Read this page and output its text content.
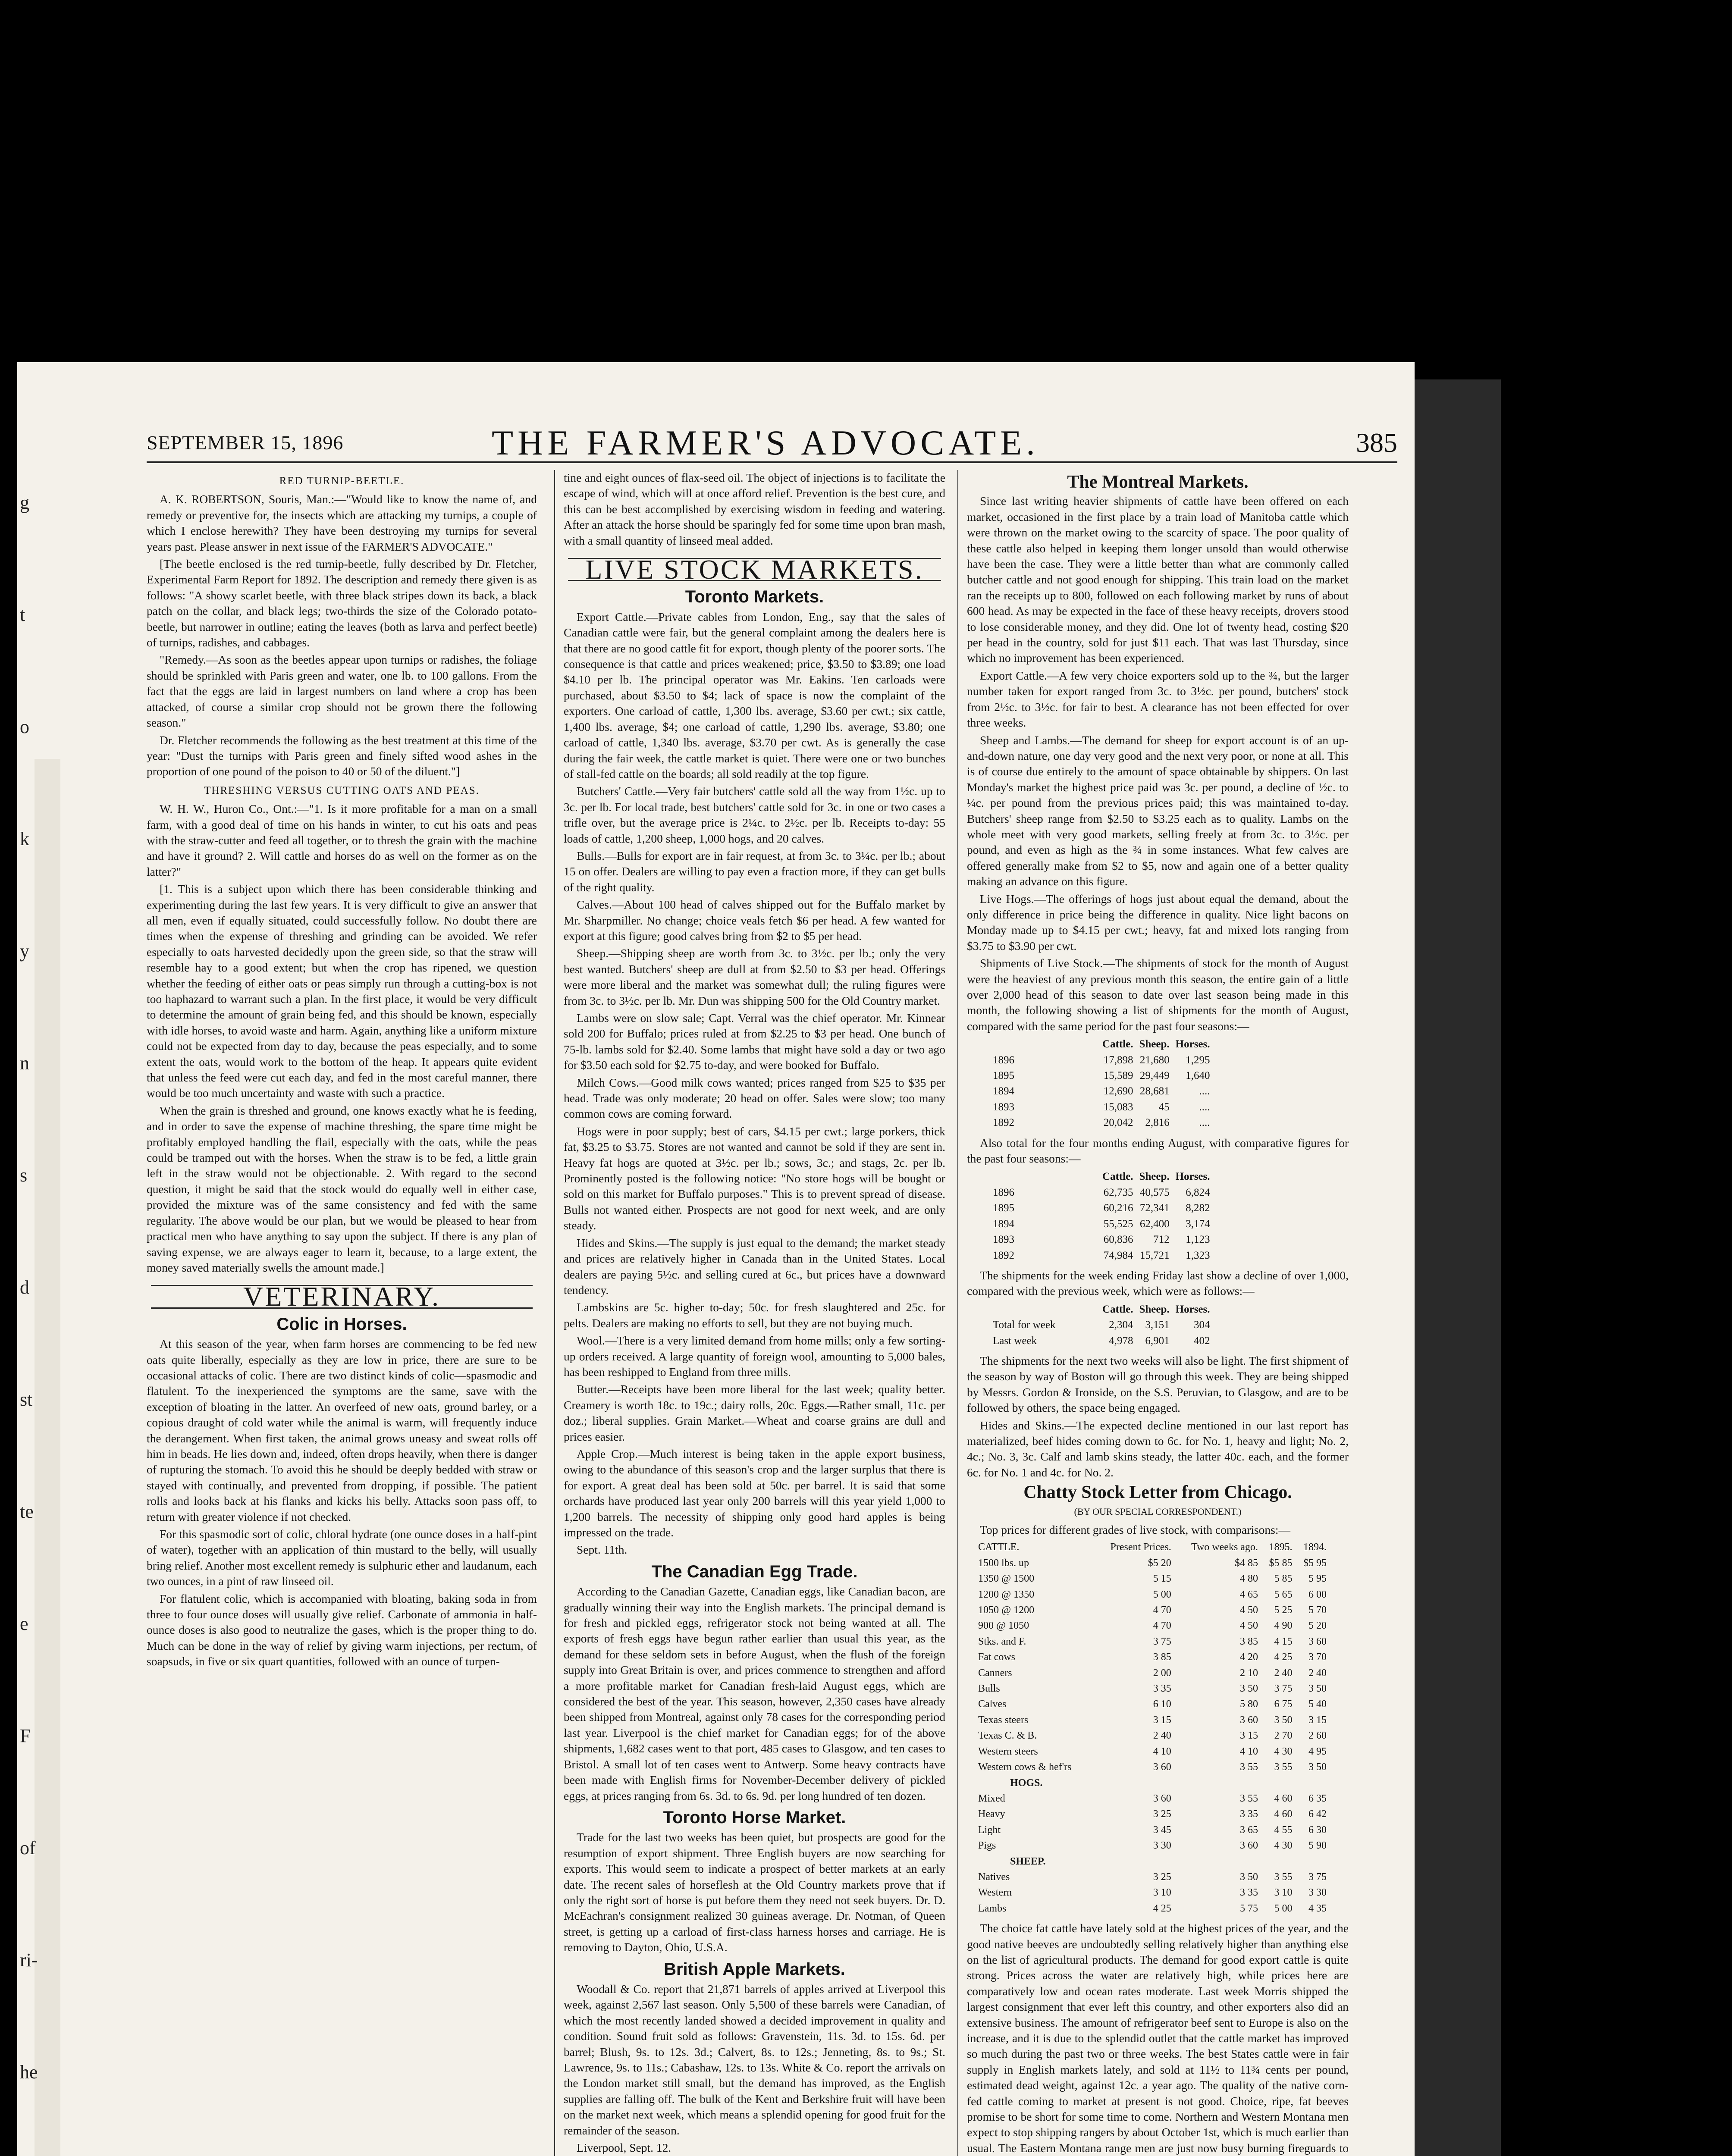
SEPTEMBER 15, 1896	THE FARMER'S ADVOCATE.	385
RED TURNIP-BEETLE.

A. K. ROBERTSON, Souris, Man.:—"Would like to know the name of, and remedy or preventive for, the insects which are attacking my turnips, a couple of which I enclose herewith? They have been destroying my turnips for several years past. Please answer in next issue of the FARMER'S ADVOCATE."

[The beetle enclosed is the red turnip-beetle, fully described by Dr. Fletcher, Experimental Farm Report for 1892. The description and remedy there given is as follows: "A showy scarlet beetle, with three black stripes down its back, a black patch on the collar, and black legs; two-thirds the size of the Colorado potato-beetle, but narrower in outline; eating the leaves (both as larva and perfect beetle) of turnips, radishes, and cabbages.

"Remedy.—As soon as the beetles appear upon turnips or radishes, the foliage should be sprinkled with Paris green and water, one lb. to 100 gallons. From the fact that the eggs are laid in largest numbers on land where a crop has been attacked, of course a similar crop should not be grown there the following season."

Dr. Fletcher recommends the following as the best treatment at this time of the year: "Dust the turnips with Paris green and finely sifted wood ashes in the proportion of one pound of the poison to 40 or 50 of the diluent."]

THRESHING VERSUS CUTTING OATS AND PEAS.

W. H. W., Huron Co., Ont.:—"1. Is it more profitable for a man on a small farm, with a good deal of time on his hands in winter, to cut his oats and peas with the straw-cutter and feed all together, or to thresh the grain with the machine and have it ground? 2. Will cattle and horses do as well on the former as on the latter?"

[1. This is a subject upon which there has been considerable thinking and experimenting during the last few years. It is very difficult to give an answer that all men, even if equally situated, could successfully follow. No doubt there are times when the expense of threshing and grinding can be avoided. We refer especially to oats harvested decidedly upon the green side, so that the straw will resemble hay to a good extent; but when the crop has ripened, we question whether the feeding of either oats or peas simply run through a cutting-box is not too haphazard to warrant such a plan. In the first place, it would be very difficult to determine the amount of grain being fed, and this should be known, especially with idle horses, to avoid waste and harm. Again, anything like a uniform mixture could not be expected from day to day, because the peas especially, and to some extent the oats, would work to the bottom of the heap. It appears quite evident that unless the feed were cut each day, and fed in the most careful manner, there would be too much uncertainty and waste with such a practice.

When the grain is threshed and ground, one knows exactly what he is feeding, and in order to save the expense of machine threshing, the spare time might be profitably employed handling the flail, especially with the oats, while the peas could be tramped out with the horses. When the straw is to be fed, a little grain left in the straw would not be objectionable. 2. With regard to the second question, it might be said that the stock would do equally well in either case, provided the mixture was of the same consistency and fed with the same regularity. The above would be our plan, but we would be pleased to hear from practical men who have anything to say upon the subject. If there is any plan of saving expense, we are always eager to learn it, because, to a large extent, the money saved materially swells the amount made.]

VETERINARY.
Colic in Horses.

At this season of the year, when farm horses are commencing to be fed new oats quite liberally, especially as they are low in price, there are sure to be occasional attacks of colic. There are two distinct kinds of colic—spasmodic and flatulent. To the inexperienced the symptoms are the same, save with the exception of bloating in the latter. An overfeed of new oats, ground barley, or a copious draught of cold water while the animal is warm, will frequently induce the derangement. When first taken, the animal grows uneasy and sweat rolls off him in beads. He lies down and, indeed, often drops heavily, when there is danger of rupturing the stomach. To avoid this he should be deeply bedded with straw or stayed with continually, and prevented from dropping, if possible. The patient rolls and looks back at his flanks and kicks his belly. Attacks soon pass off, to return with greater violence if not checked.

For this spasmodic sort of colic, chloral hydrate (one ounce doses in a half-pint of water), together with an application of thin mustard to the belly, will usually bring relief. Another most excellent remedy is sulphuric ether and laudanum, each two ounces, in a pint of raw linseed oil.

For flatulent colic, which is accompanied with bloating, baking soda in from three to four ounce doses will usually give relief. Carbonate of ammonia in half-ounce doses is also good to neutralize the gases, which is the proper thing to do. Much can be done in the way of relief by giving warm injections, per rectum, of soapsuds, in five or six quart quantities, followed with an ounce of turpen-

tine and eight ounces of flax-seed oil. The object of injections is to facilitate the escape of wind, which will at once afford relief. Prevention is the best cure, and this can be best accomplished by exercising wisdom in feeding and watering. After an attack the horse should be sparingly fed for some time upon bran mash, with a small quantity of linseed meal added.

LIVE STOCK MARKETS.
Toronto Markets.

Export Cattle.—Private cables from London, Eng., say that the sales of Canadian cattle were fair, but the general complaint among the dealers here is that there are no good cattle fit for export, though plenty of the poorer sorts. The consequence is that cattle and prices weakened; price, $3.50 to $3.89; one load $4.10 per lb. The principal operator was Mr. Eakins. Ten carloads were purchased, about $3.50 to $4; lack of space is now the complaint of the exporters. One carload of cattle, 1,300 lbs. average, $3.60 per cwt.; six cattle, 1,400 lbs. average, $4; one carload of cattle, 1,290 lbs. average, $3.80; one carload of cattle, 1,340 lbs. average, $3.70 per cwt. As is generally the case during the fair week, the cattle market is quiet. There were one or two bunches of stall-fed cattle on the boards; all sold readily at the top figure.

Butchers' Cattle.—Very fair butchers' cattle sold all the way from 1½c. up to 3c. per lb. For local trade, best butchers' cattle sold for 3c. in one or two cases a trifle over, but the average price is 2¼c. to 2½c. per lb. Receipts to-day: 55 loads of cattle, 1,200 sheep, 1,000 hogs, and 20 calves.

Bulls.—Bulls for export are in fair request, at from 3c. to 3¼c. per lb.; about 15 on offer. Dealers are willing to pay even a fraction more, if they can get bulls of the right quality.

Calves.—About 100 head of calves shipped out for the Buffalo market by Mr. Sharpmiller. No change; choice veals fetch $6 per head. A few wanted for export at this figure; good calves bring from $2 to $5 per head.

Sheep.—Shipping sheep are worth from 3c. to 3½c. per lb.; only the very best wanted. Butchers' sheep are dull at from $2.50 to $3 per head. Offerings were more liberal and the market was somewhat dull; the ruling figures were from 3c. to 3½c. per lb. Mr. Dun was shipping 500 for the Old Country market.

Lambs were on slow sale; Capt. Verral was the chief operator. Mr. Kinnear sold 200 for Buffalo; prices ruled at from $2.25 to $3 per head. One bunch of 75-lb. lambs sold for $2.40. Some lambs that might have sold a day or two ago for $3.50 each sold for $2.75 to-day, and were booked for Buffalo.

Milch Cows.—Good milk cows wanted; prices ranged from $25 to $35 per head. Trade was only moderate; 20 head on offer. Sales were slow; too many common cows are coming forward.

Hogs were in poor supply; best of cars, $4.15 per cwt.; large porkers, thick fat, $3.25 to $3.75. Stores are not wanted and cannot be sold if they are sent in. Heavy fat hogs are quoted at 3½c. per lb.; sows, 3c.; and stags, 2c. per lb. Prominently posted is the following notice: "No store hogs will be bought or sold on this market for Buffalo purposes." This is to prevent spread of disease. Bulls not wanted either. Prospects are not good for next week, and are only steady.

Hides and Skins.—The supply is just equal to the demand; the market steady and prices are relatively higher in Canada than in the United States. Local dealers are paying 5½c. and selling cured at 6c., but prices have a downward tendency.

Lambskins are 5c. higher to-day; 50c. for fresh slaughtered and 25c. for pelts. Dealers are making no efforts to sell, but they are not buying much.

Wool.—There is a very limited demand from home mills; only a few sorting-up orders received. A large quantity of foreign wool, amounting to 5,000 bales, has been reshipped to England from three mills.

Butter.—Receipts have been more liberal for the last week; quality better. Creamery is worth 18c. to 19c.; dairy rolls, 20c. Eggs.—Rather small, 11c. per doz.; liberal supplies. Grain Market.—Wheat and coarse grains are dull and prices easier.

Apple Crop.—Much interest is being taken in the apple export business, owing to the abundance of this season's crop and the larger surplus that there is for export. A great deal has been sold at 50c. per barrel. It is said that some orchards have produced last year only 200 barrels will this year yield 1,000 to 1,200 barrels. The necessity of shipping only good hard apples is being impressed on the trade.

Sept. 11th.

The Canadian Egg Trade.

According to the Canadian Gazette, Canadian eggs, like Canadian bacon, are gradually winning their way into the English markets. The principal demand is for fresh and pickled eggs, refrigerator stock not being wanted at all. The exports of fresh eggs have begun rather earlier than usual this year, as the demand for these seldom sets in before August, when the flush of the foreign supply into Great Britain is over, and prices commence to strengthen and afford a more profitable market for Canadian fresh-laid August eggs, which are considered the best of the year. This season, however, 2,350 cases have already been shipped from Montreal, against only 78 cases for the corresponding period last year. Liverpool is the chief market for Canadian eggs; for of the above shipments, 1,682 cases went to that port, 485 cases to Glasgow, and ten cases to Bristol. A small lot of ten cases went to Antwerp. Some heavy contracts have been made with English firms for November-December delivery of pickled eggs, at prices ranging from 6s. 3d. to 6s. 9d. per long hundred of ten dozen.

Toronto Horse Market.

Trade for the last two weeks has been quiet, but prospects are good for the resumption of export shipment. Three English buyers are now searching for exports. This would seem to indicate a prospect of better markets at an early date. The recent sales of horseflesh at the Old Country markets prove that if only the right sort of horse is put before them they need not seek buyers. Dr. D. McEachran's consignment realized 30 guineas average. Dr. Notman, of Queen street, is getting up a carload of first-class harness horses and carriage. He is removing to Dayton, Ohio, U.S.A.

British Apple Markets.

Woodall & Co. report that 21,871 barrels of apples arrived at Liverpool this week, against 2,567 last season. Only 5,500 of these barrels were Canadian, of which the most recently landed showed a decided improvement in quality and condition. Sound fruit sold as follows: Gravenstein, 11s. 3d. to 15s. 6d. per barrel; Blush, 9s. to 12s. 3d.; Calvert, 8s. to 12s.; Jenneting, 8s. to 9s.; St. Lawrence, 9s. to 11s.; Cabashaw, 12s. to 13s. White & Co. report the arrivals on the London market still small, but the demand has improved, as the English supplies are falling off. The bulk of the Kent and Berkshire fruit will have been on the market next week, which means a splendid opening for good fruit for the remainder of the season.

Liverpool, Sept. 12.

The Montreal Markets.

Since last writing heavier shipments of cattle have been offered on each market, occasioned in the first place by a train load of Manitoba cattle which were thrown on the market owing to the scarcity of space. The poor quality of these cattle also helped in keeping them longer unsold than would otherwise have been the case. They were a little better than what are commonly called butcher cattle and not good enough for shipping. This train load on the market ran the receipts up to 800, followed on each following market by runs of about 600 head. As may be expected in the face of these heavy receipts, drovers stood to lose considerable money, and they did. One lot of twenty head, costing $20 per head in the country, sold for just $11 each. That was last Thursday, since which no improvement has been experienced.

Export Cattle.—A few very choice exporters sold up to the ¾, but the larger number taken for export ranged from 3c. to 3½c. per pound, butchers' stock from 2½c. to 3½c. for fair to best. A clearance has not been effected for over three weeks.

Sheep and Lambs.—The demand for sheep for export account is of an up-and-down nature, one day very good and the next very poor, or none at all. This is of course due entirely to the amount of space obtainable by shippers. On last Monday's market the highest price paid was 3c. per pound, a decline of ½c. to ¼c. per pound from the previous prices paid; this was maintained to-day. Butchers' sheep range from $2.50 to $3.25 each as to quality. Lambs on the whole meet with very good markets, selling freely at from 3c. to 3½c. per pound, and even as high as the ¾ in some instances. What few calves are offered generally make from $2 to $5, now and again one of a better quality making an advance on this figure.

Live Hogs.—The offerings of hogs just about equal the demand, about the only difference in price being the difference in quality. Nice light bacons on Monday made up to $4.15 per cwt.; heavy, fat and mixed lots ranging from $3.75 to $3.90 per cwt.

Shipments of Live Stock.—The shipments of stock for the month of August were the heaviest of any previous month this season, the entire gain of a little over 2,000 head of this season to date over last season being made in this month, the following showing a list of shipments for the month of August, compared with the same period for the past four seasons:—

	Cattle.	Sheep.	Horses.
1896	17,898	21,680	1,295
1895	15,589	29,449	1,640
1894	12,690	28,681	....
1893	15,083	45	....
1892	20,042	2,816	....

Also total for the four months ending August, with comparative figures for the past four seasons:—

	Cattle.	Sheep.	Horses.
1896	62,735	40,575	6,824
1895	60,216	72,341	8,282
1894	55,525	62,400	3,174
1893	60,836	712	1,123
1892	74,984	15,721	1,323

The shipments for the week ending Friday last show a decline of over 1,000, compared with the previous week, which were as follows:—

	Cattle.	Sheep.	Horses.
Total for week	2,304	3,151	304
Last week	4,978	6,901	402

The shipments for the next two weeks will also be light. The first shipment of the season by way of Boston will go through this week. They are being shipped by Messrs. Gordon & Ironside, on the S.S. Peruvian, to Glasgow, and are to be followed by others, the space being engaged.

Hides and Skins.—The expected decline mentioned in our last report has materialized, beef hides coming down to 6c. for No. 1, heavy and light; No. 2, 4c.; No. 3, 3c. Calf and lamb skins steady, the latter 40c. each, and the former 6c. for No. 1 and 4c. for No. 2.

Chatty Stock Letter from Chicago.
(BY OUR SPECIAL CORRESPONDENT.)

Top prices for different grades of live stock, with comparisons:—

CATTLE.	Present Prices.	Two weeks ago.	1895.	1894.
1500 lbs. up	$5 20	$4 85	$5 85	$5 95
1350 @ 1500	5 15	4 80	5 85	5 95
1200 @ 1350	5 00	4 65	5 65	6 00
1050 @ 1200	4 70	4 50	5 25	5 70
900 @ 1050	4 70	4 50	4 90	5 20
Stks. and F.	3 75	3 85	4 15	3 60
Fat cows	3 85	4 20	4 25	3 70
Canners	2 00	2 10	2 40	2 40
Bulls	3 35	3 50	3 75	3 50
Calves	6 10	5 80	6 75	5 40
Texas steers	3 15	3 60	3 50	3 15
Texas C. & B.	2 40	3 15	2 70	2 60
Western steers	4 10	4 10	4 30	4 95
Western cows & hef'rs	3 60	3 55	3 55	3 50
HOGS.				
Mixed	3 60	3 55	4 60	6 35
Heavy	3 25	3 35	4 60	6 42
Light	3 45	3 65	4 55	6 30
Pigs	3 30	3 60	4 30	5 90
SHEEP.				
Natives	3 25	3 50	3 55	3 75
Western	3 10	3 35	3 10	3 30
Lambs	4 25	5 75	5 00	4 35

The choice fat cattle have lately sold at the highest prices of the year, and the good native beeves are undoubtedly selling relatively higher than anything else on the list of agricultural products. The demand for good export cattle is quite strong. Prices across the water are relatively high, while prices here are comparatively low and ocean rates moderate. Last week Morris shipped the largest consignment that ever left this country, and other exporters also did an extensive business. The amount of refrigerator beef sent to Europe is also on the increase, and it is due to the splendid outlet that the cattle market has improved so much during the past two or three weeks. The best States cattle were in fair supply in English markets lately, and sold at 11½ to 11¾ cents per pound, estimated dead weight, against 12c. a year ago. The quality of the native corn-fed cattle coming to market at present is not good. Choice, ripe, fat beeves promise to be short for some time to come. Northern and Western Montana men expect to stop shipping rangers by about October 1st, which is much earlier than usual. The Eastern Montana range men are just now busy burning fireguards to

g
t
o
k
y
n
s
d
st
te
e
F
of
ri-
he
